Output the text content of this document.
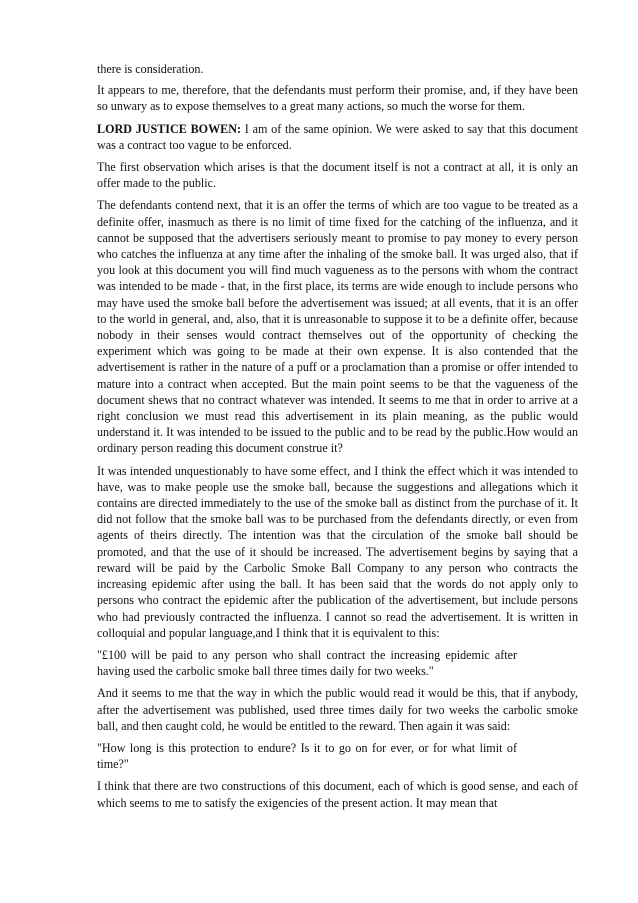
there is consideration.

It appears to me, therefore, that the defendants must perform their promise, and, if they have been so unwary as to expose themselves to a great many actions, so much the worse for them.

LORD JUSTICE BOWEN: I am of the same opinion. We were asked to say that this document was a contract too vague to be enforced.

The first observation which arises is that the document itself is not a contract at all, it is only an offer made to the public.

The defendants contend next, that it is an offer the terms of which are too vague to be treated as a definite offer, inasmuch as there is no limit of time fixed for the catching of the influenza, and it cannot be supposed that the advertisers seriously meant to promise to pay money to every person who catches the influenza at any time after the inhaling of the smoke ball. It was urged also, that if you look at this document you will find much vagueness as to the persons with whom the contract was intended to be made - that, in the first place, its terms are wide enough to include persons who may have used the smoke ball before the advertisement was issued; at all events, that it is an offer to the world in general, and, also, that it is unreasonable to suppose it to be a definite offer, because nobody in their senses would contract themselves out of the opportunity of checking the experiment which was going to be made at their own expense. It is also contended that the advertisement is rather in the nature of a puff or a proclamation than a promise or offer intended to mature into a contract when accepted. But the main point seems to be that the vagueness of the document shews that no contract whatever was intended. It seems to me that in order to arrive at a right conclusion we must read this advertisement in its plain meaning, as the public would understand it. It was intended to be issued to the public and to be read by the public.How would an ordinary person reading this document construe it?

It was intended unquestionably to have some effect, and I think the effect which it was intended to have, was to make people use the smoke ball, because the suggestions and allegations which it contains are directed immediately to the use of the smoke ball as distinct from the purchase of it. It did not follow that the smoke ball was to be purchased from the defendants directly, or even from agents of theirs directly. The intention was that the circulation of the smoke ball should be promoted, and that the use of it should be increased. The advertisement begins by saying that a reward will be paid by the Carbolic Smoke Ball Company to any person who contracts the increasing epidemic after using the ball. It has been said that the words do not apply only to persons who contract the epidemic after the publication of the advertisement, but include persons who had previously contracted the influenza. I cannot so read the advertisement. It is written in colloquial and popular language,and I think that it is equivalent to this:

"£100 will be paid to any person who shall contract the increasing epidemic after having used the carbolic smoke ball three times daily for two weeks."

And it seems to me that the way in which the public would read it would be this, that if anybody, after the advertisement was published, used three times daily for two weeks the carbolic smoke ball, and then caught cold, he would be entitled to the reward. Then again it was said:

"How long is this protection to endure? Is it to go on for ever, or for what limit of time?"

I think that there are two constructions of this document, each of which is good sense, and each of which seems to me to satisfy the exigencies of the present action. It may mean that
